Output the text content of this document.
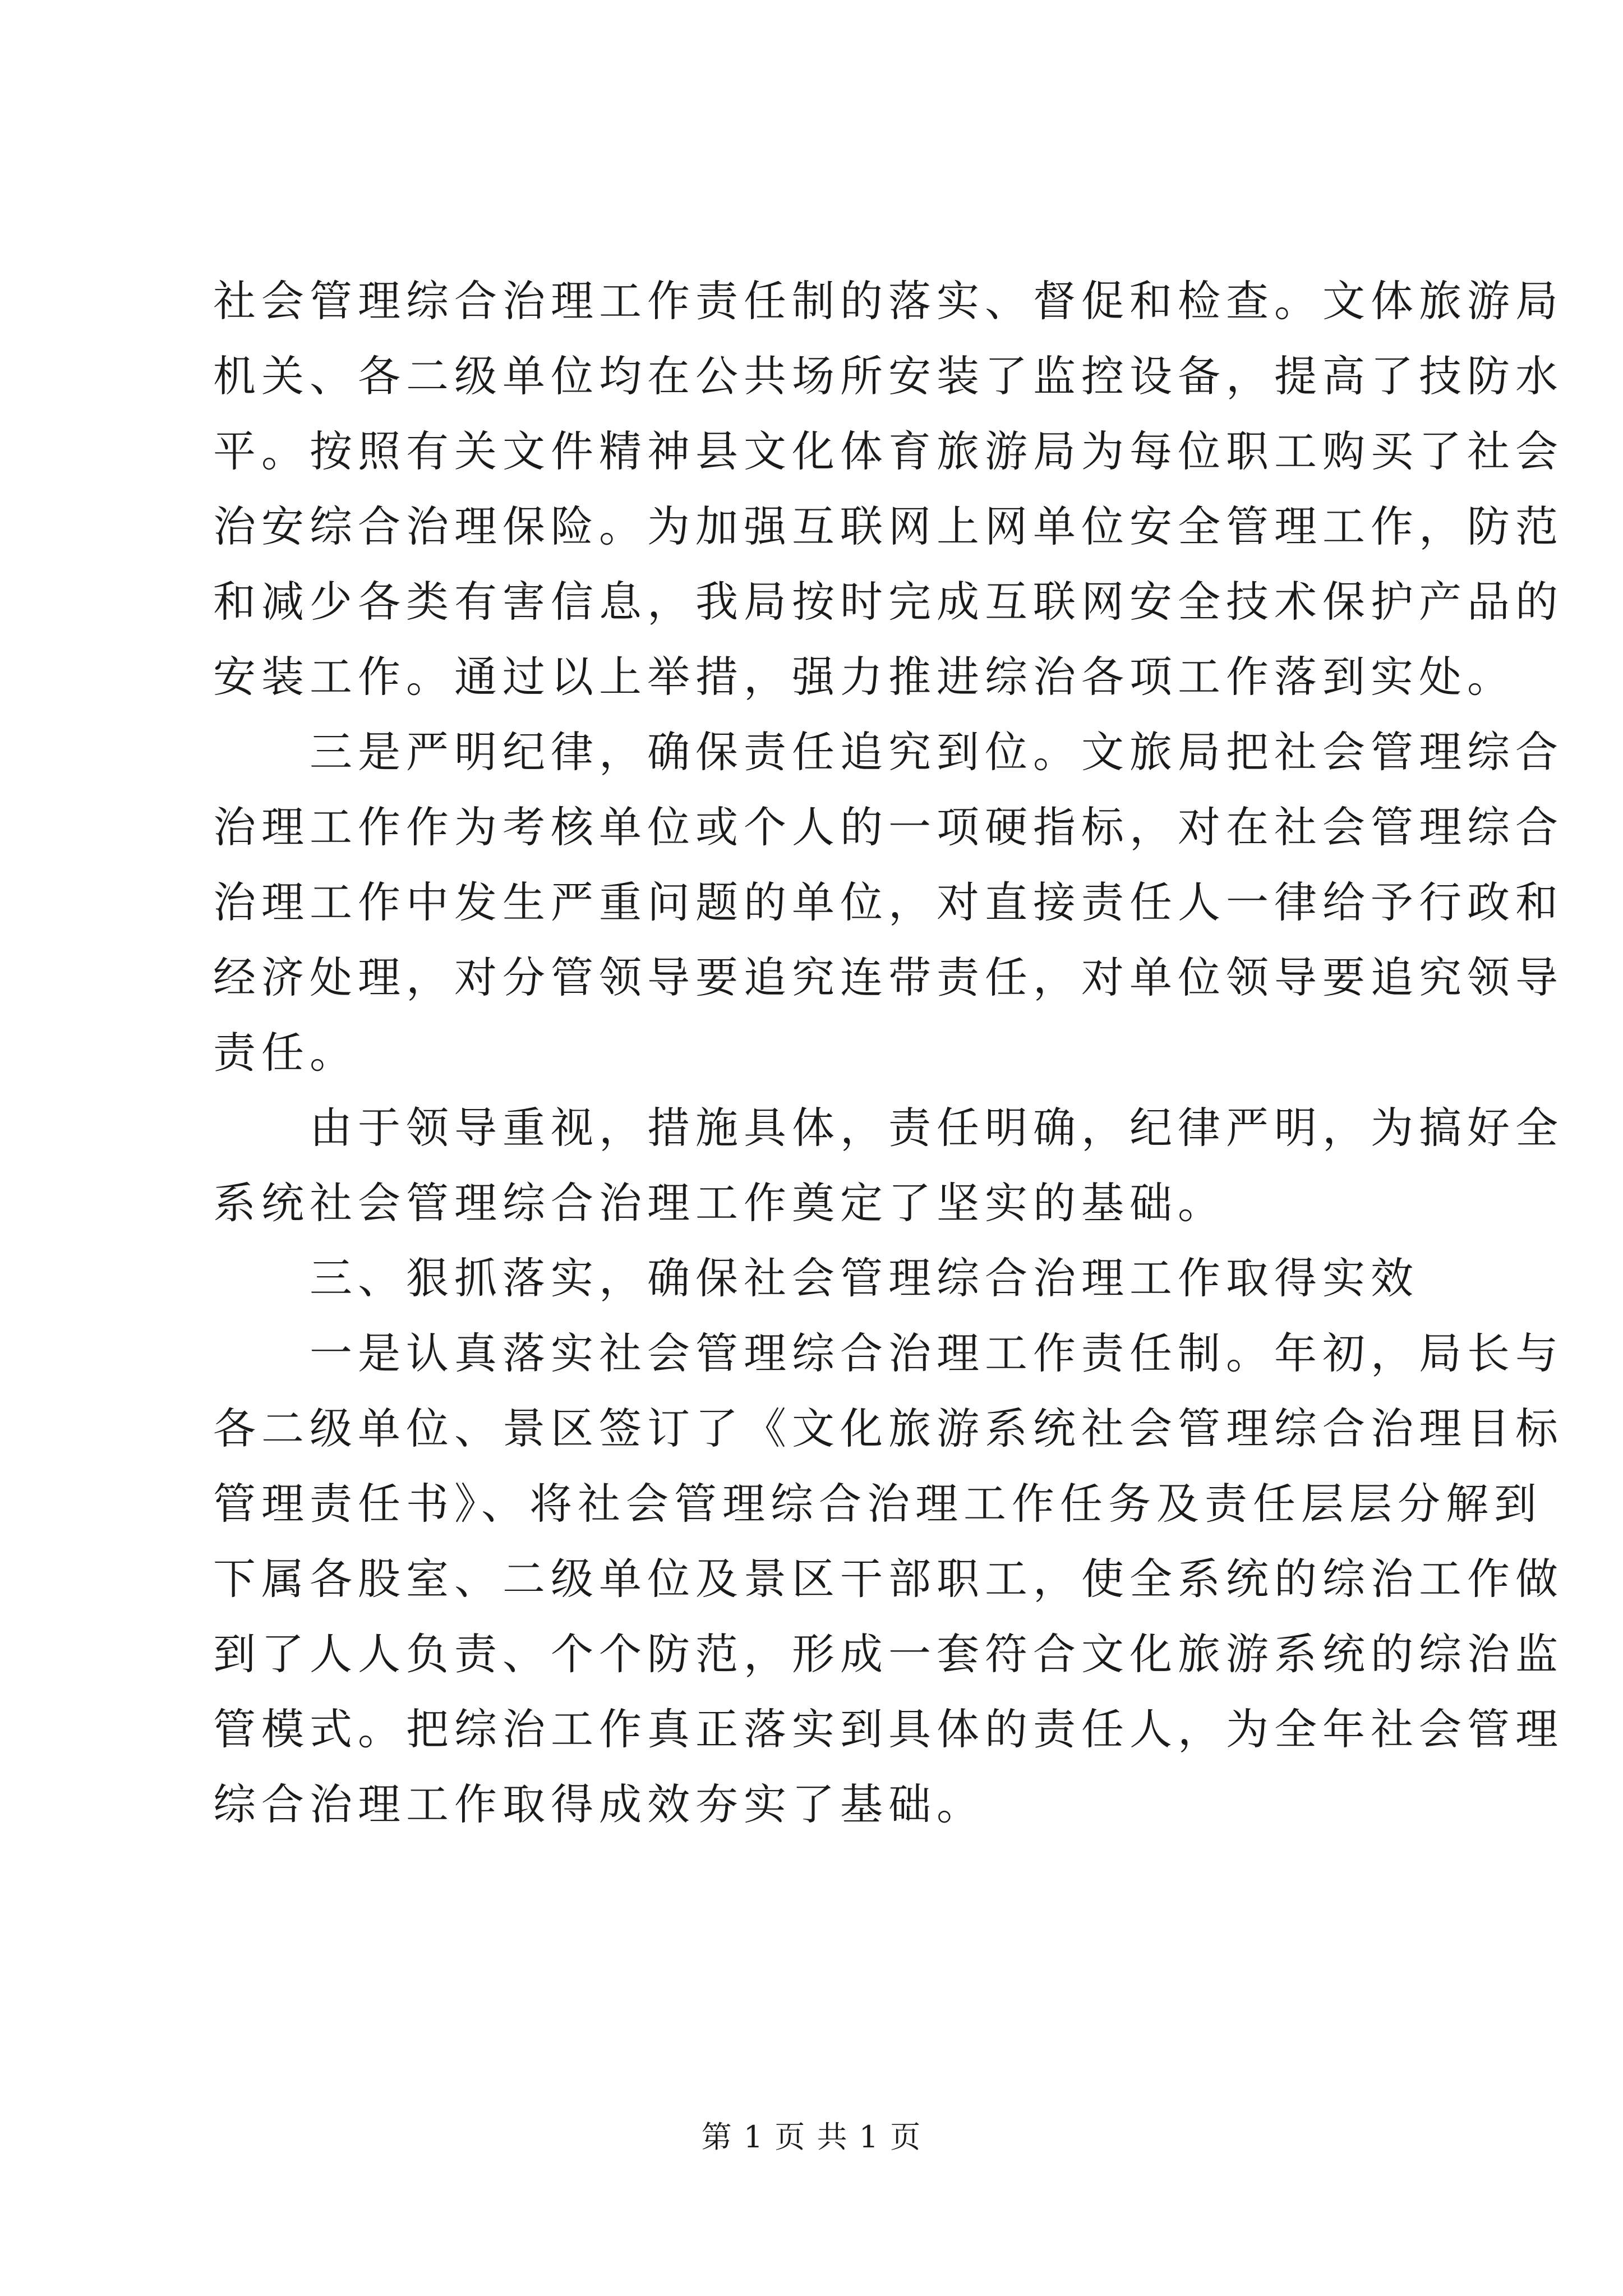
社会管理综合治理工作责任制的落实、督促和检查。文体旅游局
机关、各二级单位均在公共场所安装了监控设备，提高了技防水
平。按照有关文件精神县文化体育旅游局为每位职工购买了社会
治安综合治理保险。为加强互联网上网单位安全管理工作，防范
和减少各类有害信息，我局按时完成互联网安全技术保护产品的
安装工作。通过以上举措，强力推进综治各项工作落到实处。
三是严明纪律，确保责任追究到位。文旅局把社会管理综合
治理工作作为考核单位或个人的一项硬指标，对在社会管理综合
治理工作中发生严重问题的单位，对直接责任人一律给予行政和
经济处理，对分管领导要追究连带责任，对单位领导要追究领导
责任。
由于领导重视，措施具体，责任明确，纪律严明，为搞好全
系统社会管理综合治理工作奠定了坚实的基础。
三、狠抓落实，确保社会管理综合治理工作取得实效
一是认真落实社会管理综合治理工作责任制。年初，局长与
各二级单位、景区签订了《文化旅游系统社会管理综合治理目标
管理责任书》、将社会管理综合治理工作任务及责任层层分解到
下属各股室、二级单位及景区干部职工，使全系统的综治工作做
到了人人负责、个个防范，形成一套符合文化旅游系统的综治监
管模式。把综治工作真正落实到具体的责任人，为全年社会管理
综合治理工作取得成效夯实了基础。
第 1 页 共 1 页
